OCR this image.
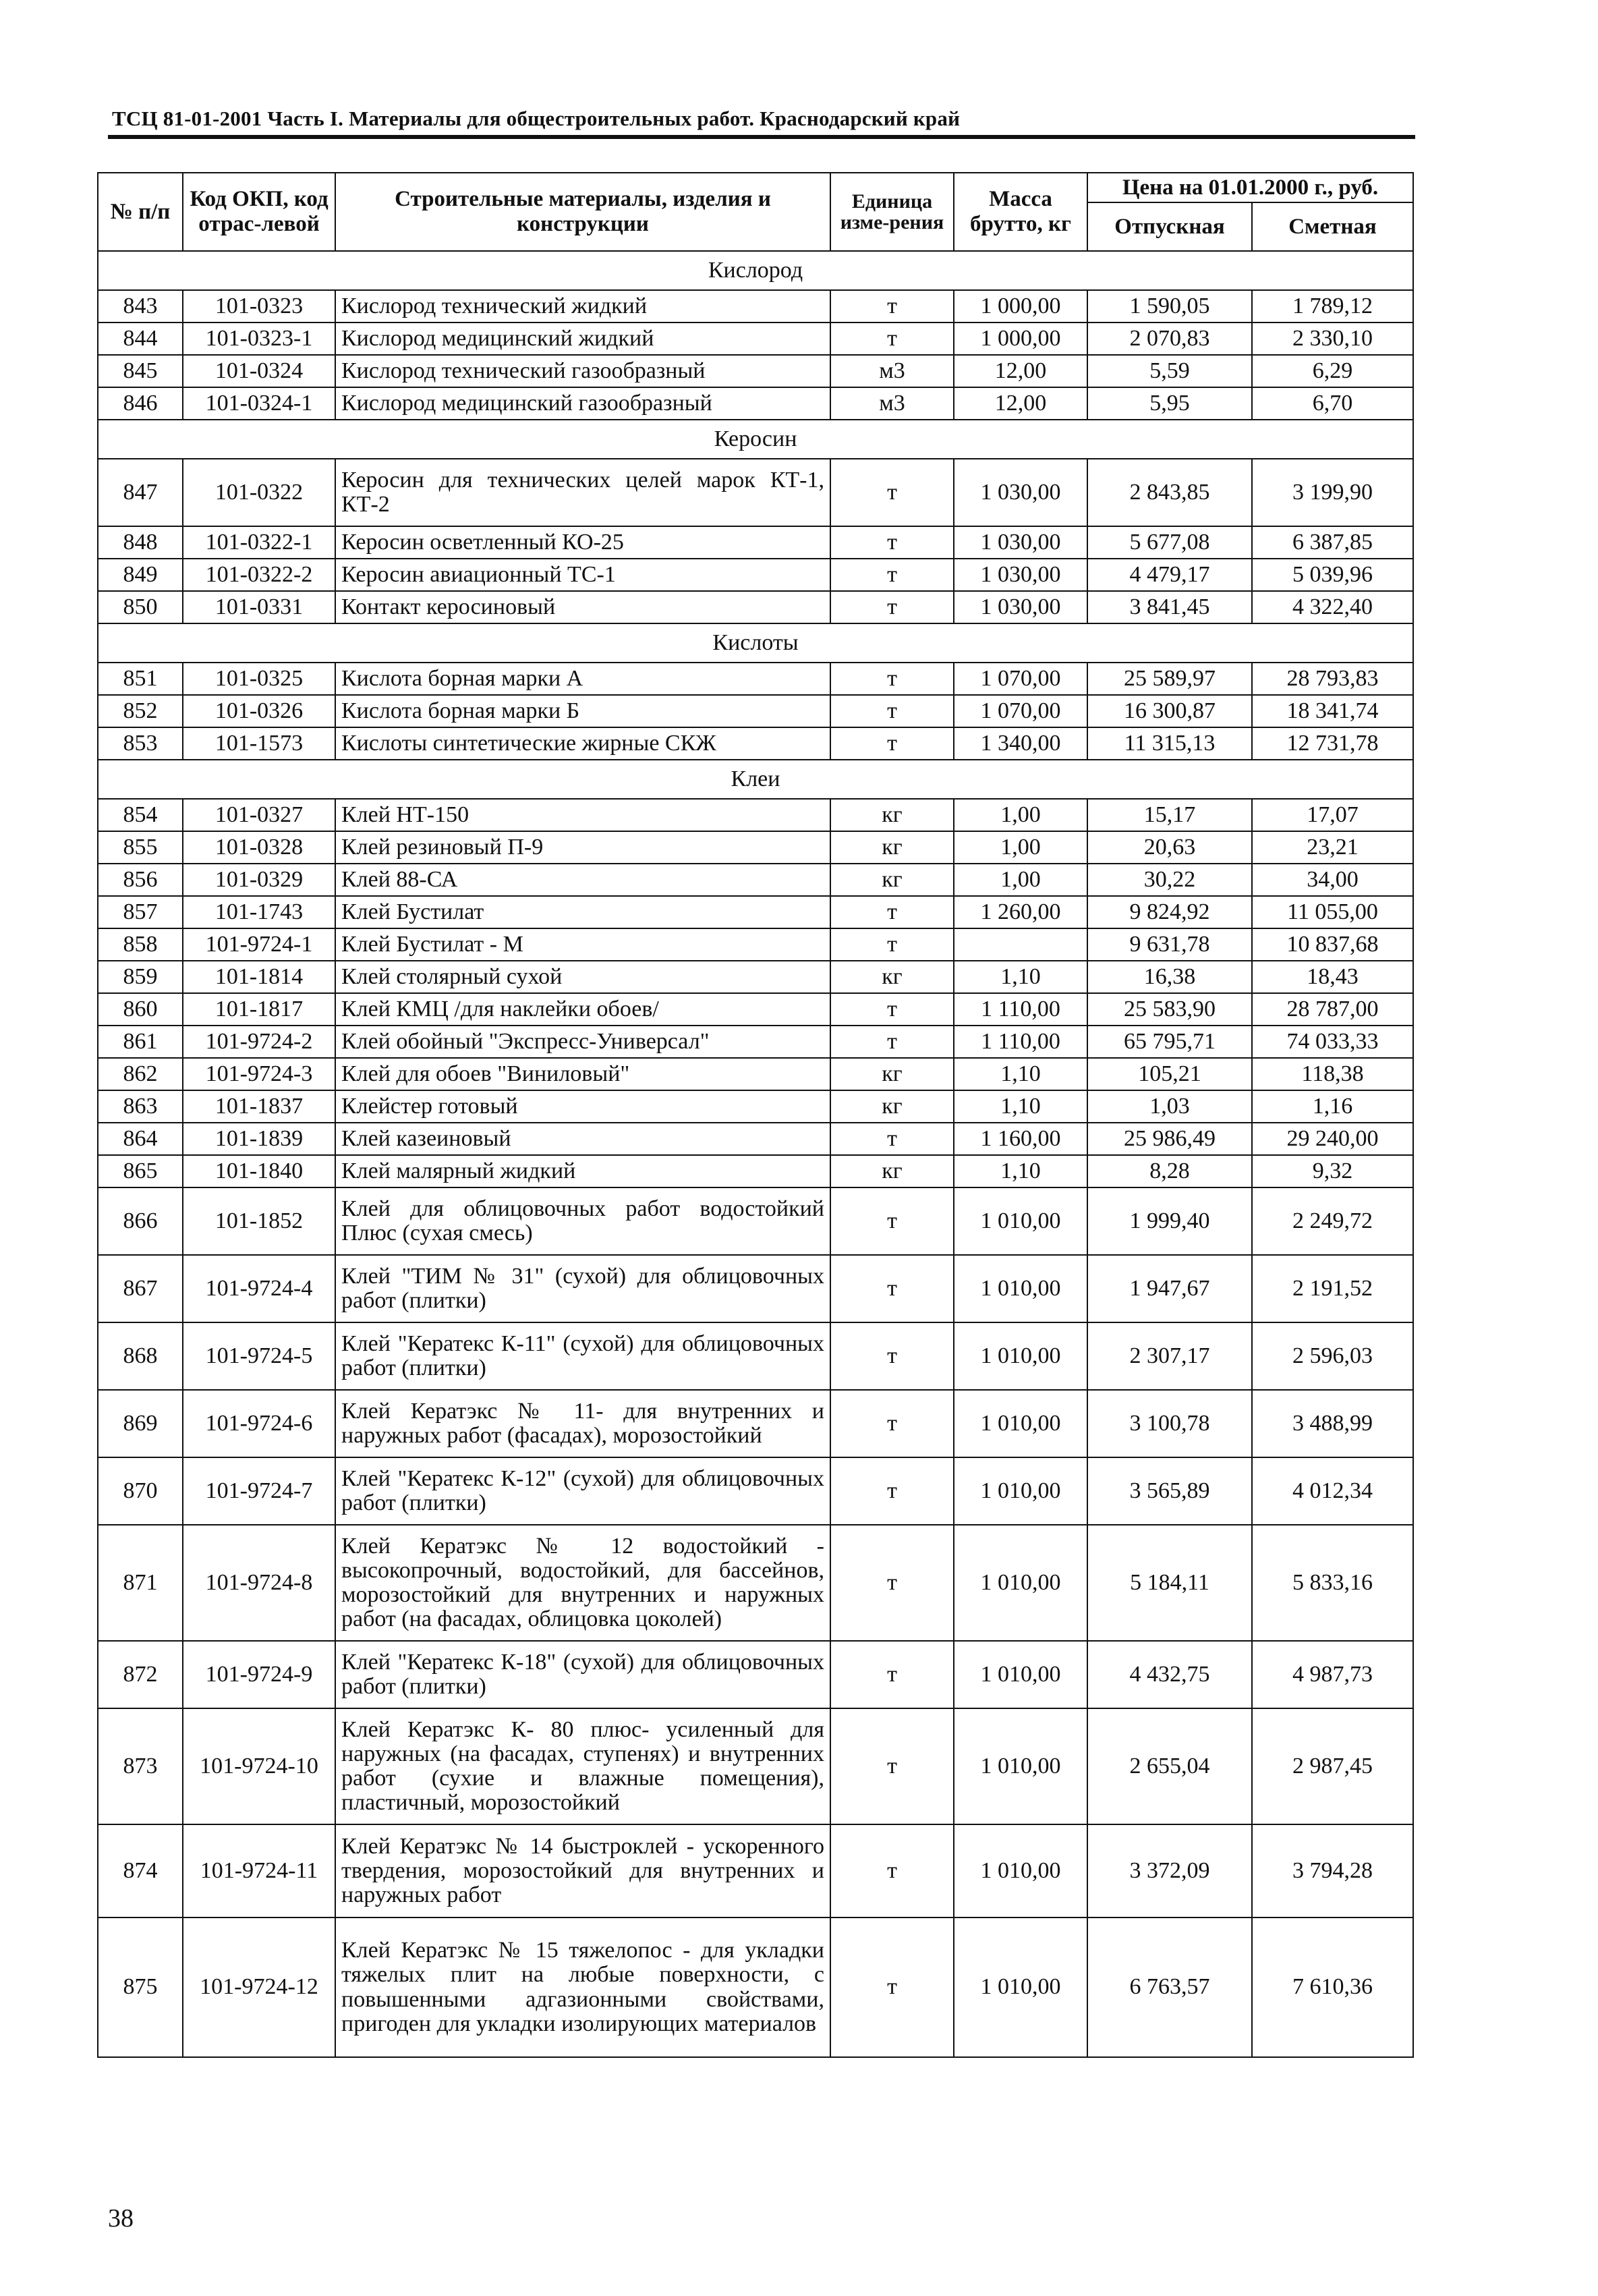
ТСЦ 81-01-2001 Часть I. Материалы для общестроительных работ. Краснодарский край
№ п/п	Код ОКП, код отрас-левой	Строительные материалы, изделия и конструкции	Единица изме-рения	Масса брутто, кг	Цена на 01.01.2000 г., руб.	
					Отпускная	Сметная
Кислород						
843	101-0323	Кислород технический жидкий	т	1 000,00	1 590,05	1 789,12
844	101-0323-1	Кислород медицинский жидкий	т	1 000,00	2 070,83	2 330,10
845	101-0324	Кислород технический газообразный	м3	12,00	5,59	6,29
846	101-0324-1	Кислород медицинский газообразный	м3	12,00	5,95	6,70
Керосин						
847	101-0322	Керосин для технических целей марок КТ-1, КТ-2	т	1 030,00	2 843,85	3 199,90
848	101-0322-1	Керосин осветленный КО-25	т	1 030,00	5 677,08	6 387,85
849	101-0322-2	Керосин авиационный ТС-1	т	1 030,00	4 479,17	5 039,96
850	101-0331	Контакт керосиновый	т	1 030,00	3 841,45	4 322,40
Кислоты						
851	101-0325	Кислота борная марки А	т	1 070,00	25 589,97	28 793,83
852	101-0326	Кислота борная марки Б	т	1 070,00	16 300,87	18 341,74
853	101-1573	Кислоты синтетические жирные СКЖ	т	1 340,00	11 315,13	12 731,78
Клеи						
854	101-0327	Клей НТ-150	кг	1,00	15,17	17,07
855	101-0328	Клей резиновый П-9	кг	1,00	20,63	23,21
856	101-0329	Клей 88-СА	кг	1,00	30,22	34,00
857	101-1743	Клей Бустилат	т	1 260,00	9 824,92	11 055,00
858	101-9724-1	Клей Бустилат - М	т		9 631,78	10 837,68
859	101-1814	Клей столярный сухой	кг	1,10	16,38	18,43
860	101-1817	Клей КМЦ /для наклейки обоев/	т	1 110,00	25 583,90	28 787,00
861	101-9724-2	Клей обойный "Экспресс-Универсал"	т	1 110,00	65 795,71	74 033,33
862	101-9724-3	Клей для обоев "Виниловый"	кг	1,10	105,21	118,38
863	101-1837	Клейстер готовый	кг	1,10	1,03	1,16
864	101-1839	Клей казеиновый	т	1 160,00	25 986,49	29 240,00
865	101-1840	Клей малярный жидкий	кг	1,10	8,28	9,32
866	101-1852	Клей для облицовочных работ водостойкий Плюс (сухая смесь)	т	1 010,00	1 999,40	2 249,72
867	101-9724-4	Клей "ТИМ № 31" (сухой) для облицовочных работ (плитки)	т	1 010,00	1 947,67	2 191,52
868	101-9724-5	Клей "Кератекс К-11" (сухой) для облицовочных работ (плитки)	т	1 010,00	2 307,17	2 596,03
869	101-9724-6	Клей Кератэкс № 11- для внутренних и наружных работ (фасадах), морозостойкий	т	1 010,00	3 100,78	3 488,99
870	101-9724-7	Клей "Кератекс К-12" (сухой) для облицовочных работ (плитки)	т	1 010,00	3 565,89	4 012,34
871	101-9724-8	Клей Кератэкс № 12 водостойкий - высокопрочный, водостойкий, для бассейнов, морозостойкий для внутренних и наружных работ (на фасадах, облицовка цоколей)	т	1 010,00	5 184,11	5 833,16
872	101-9724-9	Клей "Кератекс К-18" (сухой) для облицовочных работ (плитки)	т	1 010,00	4 432,75	4 987,73
873	101-9724-10	Клей Кератэкс К- 80 плюс- усиленный для наружных (на фасадах, ступенях) и внутренних работ (сухие и влажные помещения), пластичный, морозостойкий	т	1 010,00	2 655,04	2 987,45
874	101-9724-11	Клей Кератэкс № 14 быстроклей - ускоренного твердения, морозостойкий для внутренних и наружных работ	т	1 010,00	3 372,09	3 794,28
875	101-9724-12	Клей Кератэкс № 15 тяжелопос - для укладки тяжелых плит на любые поверхности, с повышенными адгазионными свойствами, пригоден для укладки изолирующих материалов	т	1 010,00	6 763,57	7 610,36
38
